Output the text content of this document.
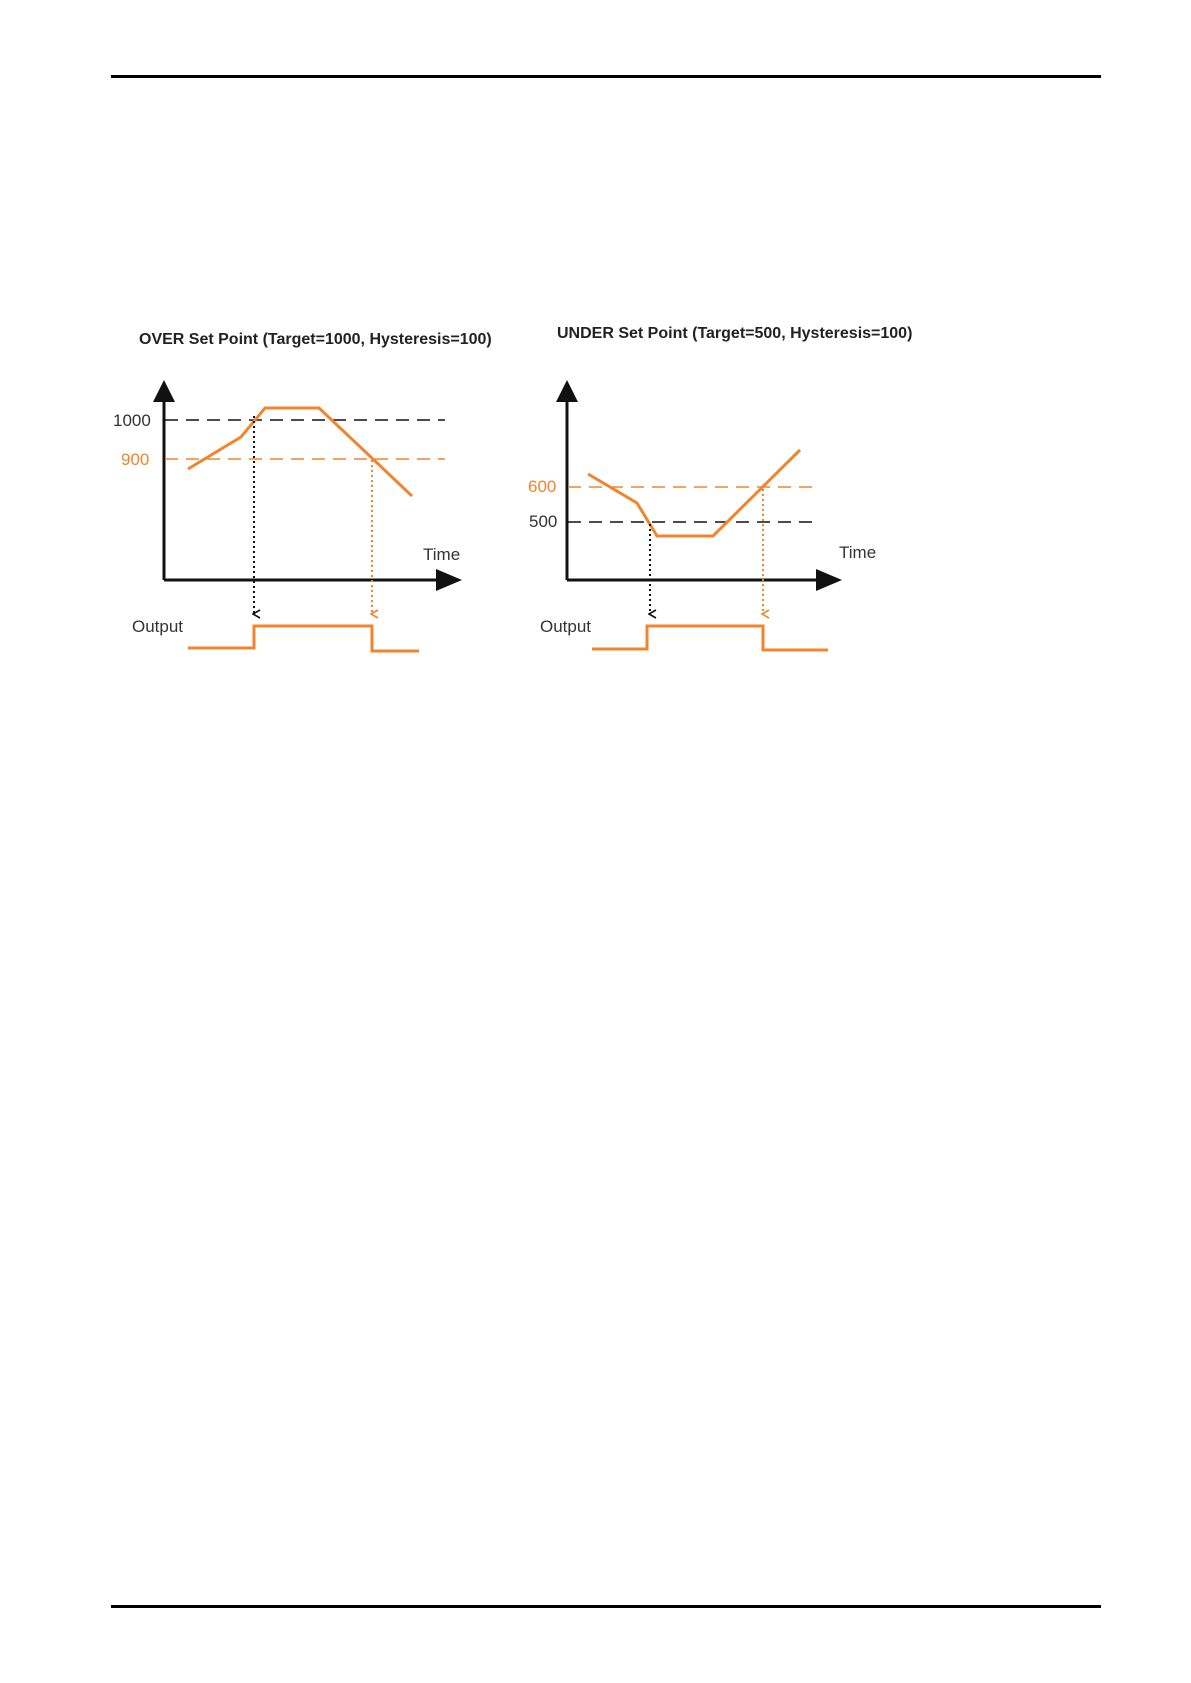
OVER Set Point (Target=1000, Hysteresis=100)
1000
900
Time
Output
UNDER Set Point (Target=500, Hysteresis=100)
600
500
Time
Output
